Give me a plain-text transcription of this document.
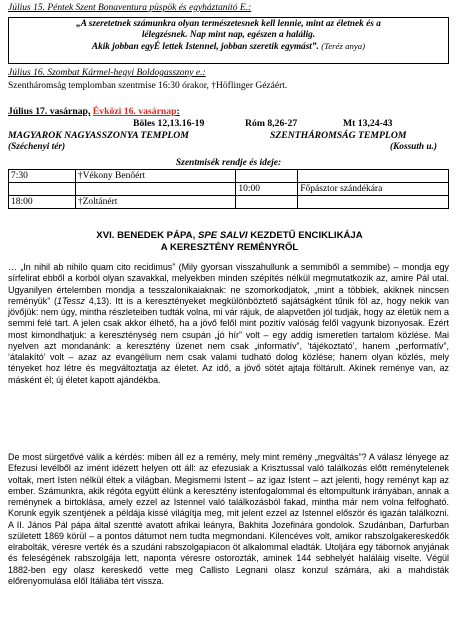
Július 15. Péntek Szent Bonaventura püspök és egyháztanító E.:
„A szeretetnek számunkra olyan természetesnek kell lennie, mint az életnek és a
lélegzésnek. Nap mint nap, egészen a halálig.
Akik jobban egyÉ lettek Istennel, jobban szeretik egymást”. (Teréz anya)
Július 16. Szombat Kármel-hegyi Boldogasszony e.:
Szentháromság templomban szentmise 16:30 órakor, †Höflinger Gézáért.
Július 17. vasárnap, Évközi 16. vasárnap:
Böles 12,13.16-19	Róm 8,26-27	Mt 13,24-43
MAGYAROK NAGYASSZONYA TEMPLOM	SZENTHÁROMSÁG TEMPLOM
(Széchenyi tér)	(Kossuth u.)
Szentmisék rendje és ideje:			
7:30	†Vékony Benőért		
		10:00	Főpásztor szándékára
18:00	†Zoltánért		
XVI. BENEDEK PÁPA, SPE SALVI KEZDETŰ ENCIKLIKÁJA
A KERESZTÉNY REMÉNYRŐL

… „In nihil ab nihilo quam cito recidimus” (Mily gyorsan visszahullunk a semmiből a semmibe) – mondja egy sírfelirat ebből a korból olyan szavakkal, melyekben minden szépítés nélkül megmutatkozik az, amire Pál utal. Ugyanilyen értelemben mondja a tesszalonikaiaknak: ne szomorkodjatok, „mint a többiek, akiknek nincsen reményük” (1Tessz 4,13). Itt is a keresztényeket megkülönböztető sajátságként tűnik föl az, hogy nekik van jövőjük: nem úgy, mintha részleteiben tudták volna, mi vár rájuk, de alapvetően jól tudják, hogy az életük nem a semmi felé tart. A jelen csak akkor élhető, ha a jövő felől mint pozitív valóság felől vagyunk bizonyosak. Ezért most kimondhatjuk: a kereszténység nem csupán „jó hír” volt – egy addig ismeretlen tartalom közlése. Mai nyelven azt mondanánk: a keresztény üzenet nem csak „informatív”, ‘tájékoztató’, hanem „performatív”, ‘átalakító’ volt – azaz az evangélium nem csak valami tudható dolog közlése; hanem olyan közlés, mely tényeket hoz létre és megváltoztatja az életet. Az idő, a jövő sötét ajtaja föltárult. Akinek reménye van, az másként él; új életet kapott ajándékba.

De most sürgetővé válik a kérdés: miben áll ez a remény, mely mint remény „megváltás”? A válasz lényege az Efezusi levélből az imént idézett helyen ott áll: az efezusiak a Krisztussal való találkozás előtt reménytelenek voltak, mert Isten nélkül éltek a világban. Megismerni Istent – az igaz Istent – azt jelenti, hogy reményt kap az ember. Számunkra, akik régóta együtt élünk a keresztény istenfogalommal és eltompultunk irányában, annak a reménynek a birtoklása, amely ezzel az Istennel való találkozásból fakad, mintha már nem volna felfogható. Korunk egyik szentjének a példája kissé világítja meg, mit jelent ezzel az Istennel először és igazán találkozni. A II. János Pál pápa által szentté avatott afrikai leányra, Bakhita Jozefinára gondolok. Szudánban, Darfurban született 1869 körül – a pontos dátumot nem tudta megmondani. Kilencéves volt, amikor rabszolgakereskedők elrabolták, véresre verték és a szudáni rabszolgapiacon öt alkalommal eladták. Utoljára egy tábornok anyjának és feleségének rabszolgája lett, naponta véresre ostorozták, aminek 144 sebhelyét haláláig viselte. Végül 1882-ben egy olasz kereskedő vette meg Callisto Legnani olasz konzul számára, aki a mahdisták előrenyomulása elől Itáliába tért vissza.
